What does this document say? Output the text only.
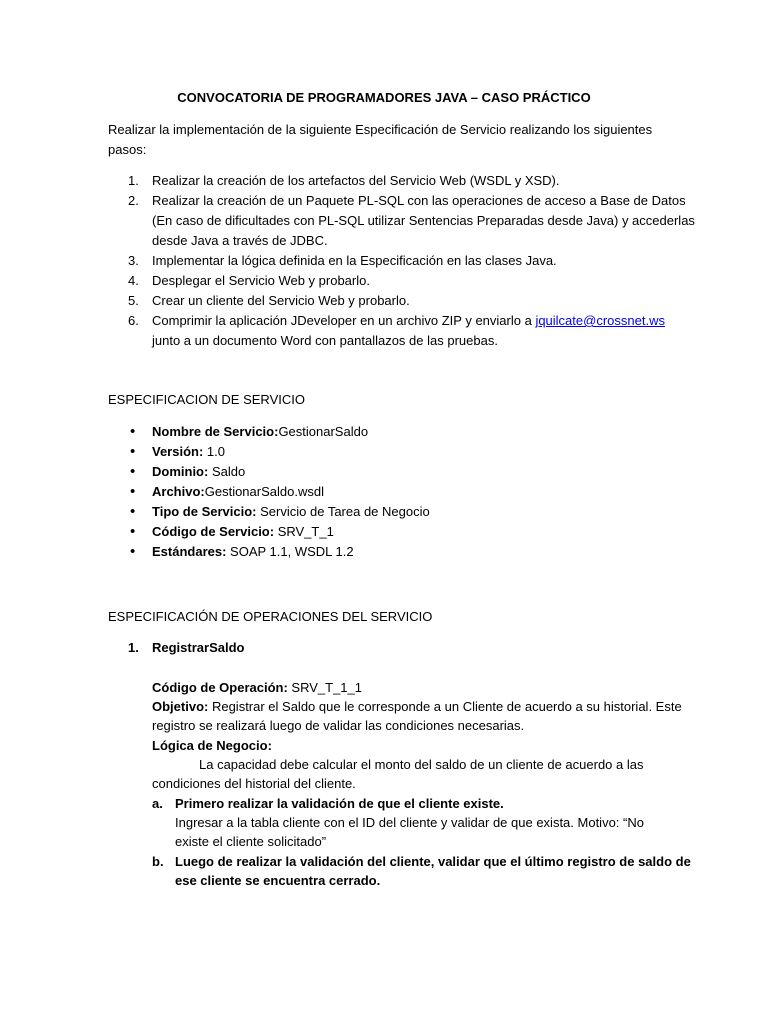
CONVOCATORIA DE PROGRAMADORES JAVA – CASO PRÁCTICO
Realizar la implementación de la siguiente Especificación de Servicio realizando los siguientes
pasos:
1.	Realizar la creación de los artefactos del Servicio Web (WSDL y XSD).
2.	Realizar la creación de un Paquete PL-SQL con las operaciones de acceso a Base de Datos
(En caso de dificultades con PL-SQL utilizar Sentencias Preparadas desde Java) y accederlas
desde Java a través de JDBC.
3.	Implementar la lógica definida en la Especificación en las clases Java.
4.	Desplegar el Servicio Web y probarlo.
5.	Crear un cliente del Servicio Web y probarlo.
6.	Comprimir la aplicación JDeveloper en un archivo ZIP y enviarlo a jquilcate@crossnet.ws
junto a un documento Word con pantallazos de las pruebas.
ESPECIFICACION DE SERVICIO
• Nombre de Servicio:GestionarSaldo
• Versión: 1.0
• Dominio: Saldo
• Archivo:GestionarSaldo.wsdl
• Tipo de Servicio: Servicio de Tarea de Negocio
• Código de Servicio: SRV_T_1
• Estándares: SOAP 1.1, WSDL 1.2
ESPECIFICACIÓN DE OPERACIONES DEL SERVICIO
1. RegistrarSaldo
Código de Operación: SRV_T_1_1
Objetivo: Registrar el Saldo que le corresponde a un Cliente de acuerdo a su historial. Este
registro se realizará luego de validar las condiciones necesarias.
Lógica de Negocio:
La capacidad debe calcular el monto del saldo de un cliente de acuerdo a las
condiciones del historial del cliente.
a. Primero realizar la validación de que el cliente existe.
Ingresar a la tabla cliente con el ID del cliente y validar de que exista. Motivo: “No
existe el cliente solicitado”
b. Luego de realizar la validación del cliente, validar que el último registro de saldo de
ese cliente se encuentra cerrado.
